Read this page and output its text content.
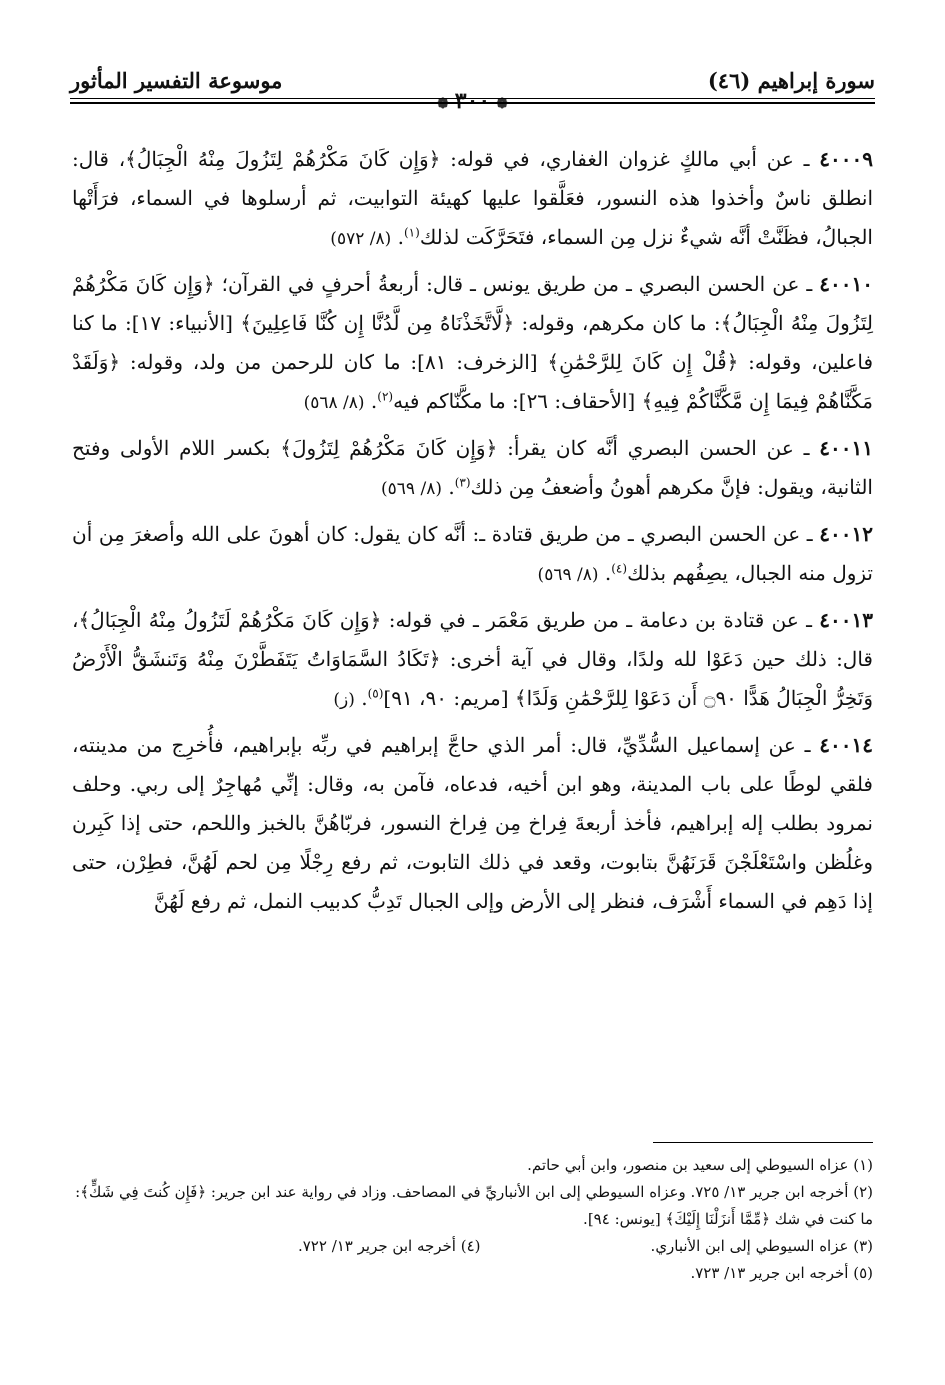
سورة إبراهيم (٤٦)
موسوعة التفسير المأثور
❁٣٠٠❁

٤٠٠٠٩ ـ عن أبي مالكٍ غزوان الغفاري، في قوله: ﴿وَإِن كَانَ مَكْرُهُمْ لِتَزُولَ مِنْهُ الْجِبَالُ﴾، قال: انطلق ناسٌ وأخذوا هذه النسور، فعَلَّقوا عليها كهيئة التوابيت، ثم أرسلوها في السماء، فرَأَتْها الجبالُ، فظَنَّتْ أنَّه شيءٌ نزل مِن السماء، فتَحَرَّكَت لذلك$^{(١)}$. (٨/ ٥٧٢)

٤٠٠١٠ ـ عن الحسن البصري ـ من طريق يونس ـ قال: أربعةُ أحرفٍ في القرآن؛ ﴿وَإِن كَانَ مَكْرُهُمْ لِتَزُولَ مِنْهُ الْجِبَالُ﴾: ما كان مكرهم، وقوله: ﴿لَّاتَّخَذْنَاهُ مِن لَّدُنَّا إِن كُنَّا فَاعِلِينَ﴾ [الأنبياء: ١٧]: ما كنا فاعلين، وقوله: ﴿قُلْ إِن كَانَ لِلرَّحْمَٰنِ﴾ [الزخرف: ٨١]: ما كان للرحمن من ولد، وقوله: ﴿وَلَقَدْ مَكَّنَّاهُمْ فِيمَا إِن مَّكَّنَّاكُمْ فِيهِ﴾ [الأحقاف: ٢٦]: ما مكَّنّاكم فيه$^{(٢)}$. (٨/ ٥٦٨)

٤٠٠١١ ـ عن الحسن البصري أنَّه كان يقرأ: ﴿وَإِن كَانَ مَكْرُهُمْ لِتَزُولَ﴾ بكسر اللام الأولى وفتح الثانية، ويقول: فإنَّ مكرهم أهونُ وأضعفُ مِن ذلك$^{(٣)}$. (٨/ ٥٦٩)

٤٠٠١٢ ـ عن الحسن البصري ـ من طريق قتادة ـ: أنَّه كان يقول: كان أهونَ على الله وأصغرَ مِن أن تزول منه الجبال، يصِفُهم بذلك$^{(٤)}$. (٨/ ٥٦٩)

٤٠٠١٣ ـ عن قتادة بن دعامة ـ من طريق مَعْمَر ـ في قوله: ﴿وَإِن كَانَ مَكْرُهُمْ لَتَزُولُ مِنْهُ الْجِبَالُ﴾، قال: ذلك حين دَعَوْا لله ولدًا، وقال في آية أخرى: ﴿تَكَادُ السَّمَاوَاتُ يَتَفَطَّرْنَ مِنْهُ وَتَنشَقُّ الْأَرْضُ وَتَخِرُّ الْجِبَالُ هَدًّا ۝٩٠ أَن دَعَوْا لِلرَّحْمَٰنِ وَلَدًا﴾ [مريم: ٩٠، ٩١]$^{(٥)}$. (ز)

٤٠٠١٤ ـ عن إسماعيل السُّدِّيِّ، قال: أمر الذي حاجَّ إبراهيم في ربِّه بإبراهيم، فأُخرِج من مدينته، فلقي لوطًا على باب المدينة، وهو ابن أخيه، فدعاه، فآمن به، وقال: إنِّي مُهاجِرٌ إلى ربي. وحلف نمرود بطلب إله إبراهيم، فأخذ أربعةَ فِراخ مِن فِراخ النسور، فربّاهُنَّ بالخبز واللحم، حتى إذا كَبِرن وغلُظن واسْتَعْلَجْنَ قَرَنَهُنَّ بتابوت، وقعد في ذلك التابوت، ثم رفع رِجْلًا مِن لحم لَهُنَّ، فطِرْن، حتى إذا دَهِم في السماء أَشْرَف، فنظر إلى الأرض وإلى الجبال تَدِبُّ كدبيب النمل، ثم رفع لَهُنَّ

(١) عزاه السيوطي إلى سعيد بن منصور، وابن أبي حاتم.
(٢) أخرجه ابن جرير ١٣/ ٧٢٥. وعزاه السيوطي إلى ابن الأنباريِّ في المصاحف. وزاد في رواية عند ابن جرير: ﴿فَإِن كُنتَ فِي شَكٍّ﴾: ما كنت في شك ﴿مِّمَّا أَنزَلْنَا إِلَيْكَ﴾ [يونس: ٩٤].
(٣) عزاه السيوطي إلى ابن الأنباري.(٤) أخرجه ابن جرير ١٣/ ٧٢٢.
(٥) أخرجه ابن جرير ١٣/ ٧٢٣.
